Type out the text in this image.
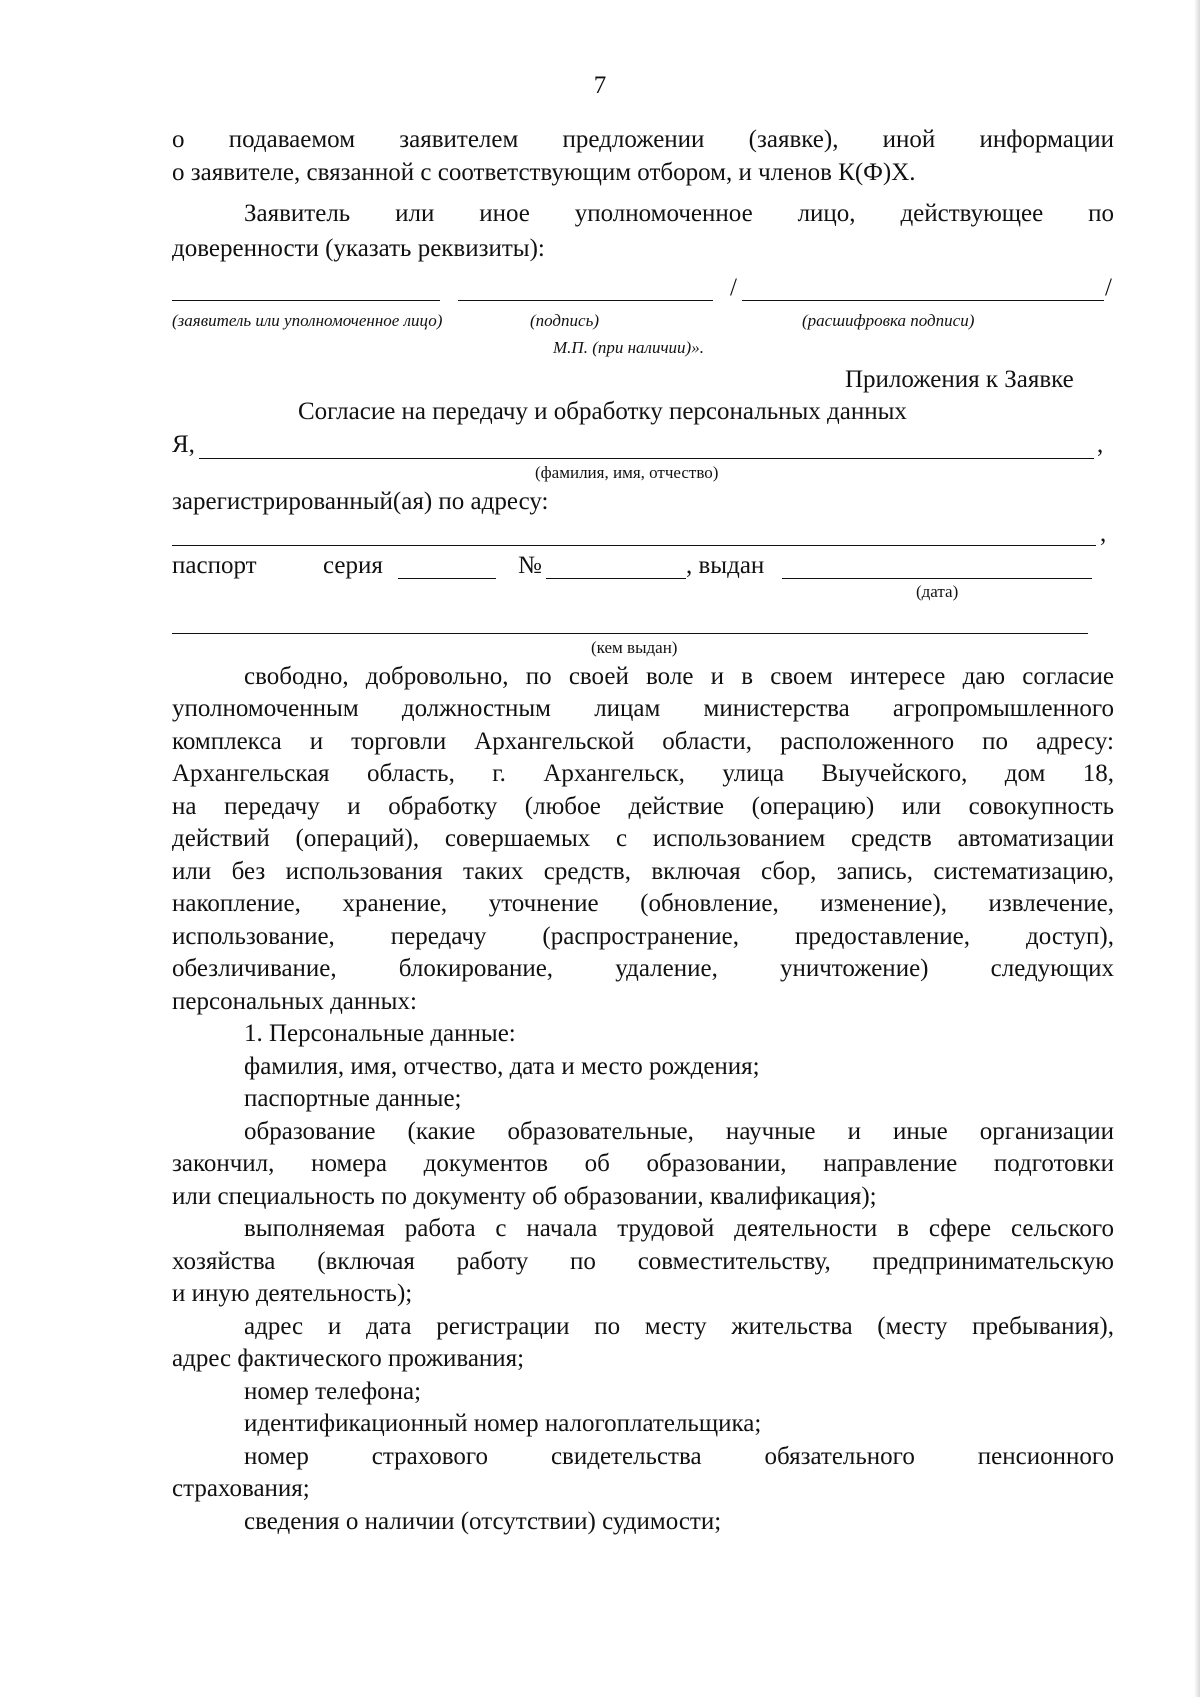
7
о подаваемом заявителем предложении (заявке), иной информации
о заявителе, связанной с соответствующим отбором, и членов К(Ф)Х.
Заявитель или иное уполномоченное лицо, действующее по
доверенности (указать реквизиты):
/	/
(заявитель или уполномоченное лицо)	(подпись)	(расшифровка подписи)
М.П. (при наличии)».
Приложения к Заявке
Согласие на передачу и обработку персональных данных
Я,	,
(фамилия, имя, отчество)
зарегистрированный(ая) по адресу:
,
паспорт	серия	№	, выдан
(дата)
(кем выдан)
свободно, добровольно, по своей воле и в своем интересе даю согласие
уполномоченным должностным лицам министерства агропромышленного
комплекса и торговли Архангельской области, расположенного по адресу:
Архангельская область, г. Архангельск, улица Выучейского, дом 18,
на передачу и обработку (любое действие (операцию) или совокупность
действий (операций), совершаемых с использованием средств автоматизации
или без использования таких средств, включая сбор, запись, систематизацию,
накопление, хранение, уточнение (обновление, изменение), извлечение,
использование, передачу (распространение, предоставление, доступ),
обезличивание, блокирование, удаление, уничтожение) следующих
персональных данных:
1. Персональные данные:
фамилия, имя, отчество, дата и место рождения;
паспортные данные;
образование (какие образовательные, научные и иные организации
закончил, номера документов об образовании, направление подготовки
или специальность по документу об образовании, квалификация);
выполняемая работа с начала трудовой деятельности в сфере сельского
хозяйства (включая работу по совместительству, предпринимательскую
и иную деятельность);
адрес и дата регистрации по месту жительства (месту пребывания),
адрес фактического проживания;
номер телефона;
идентификационный номер налогоплательщика;
номер страхового свидетельства обязательного пенсионного
страхования;
сведения о наличии (отсутствии) судимости;
